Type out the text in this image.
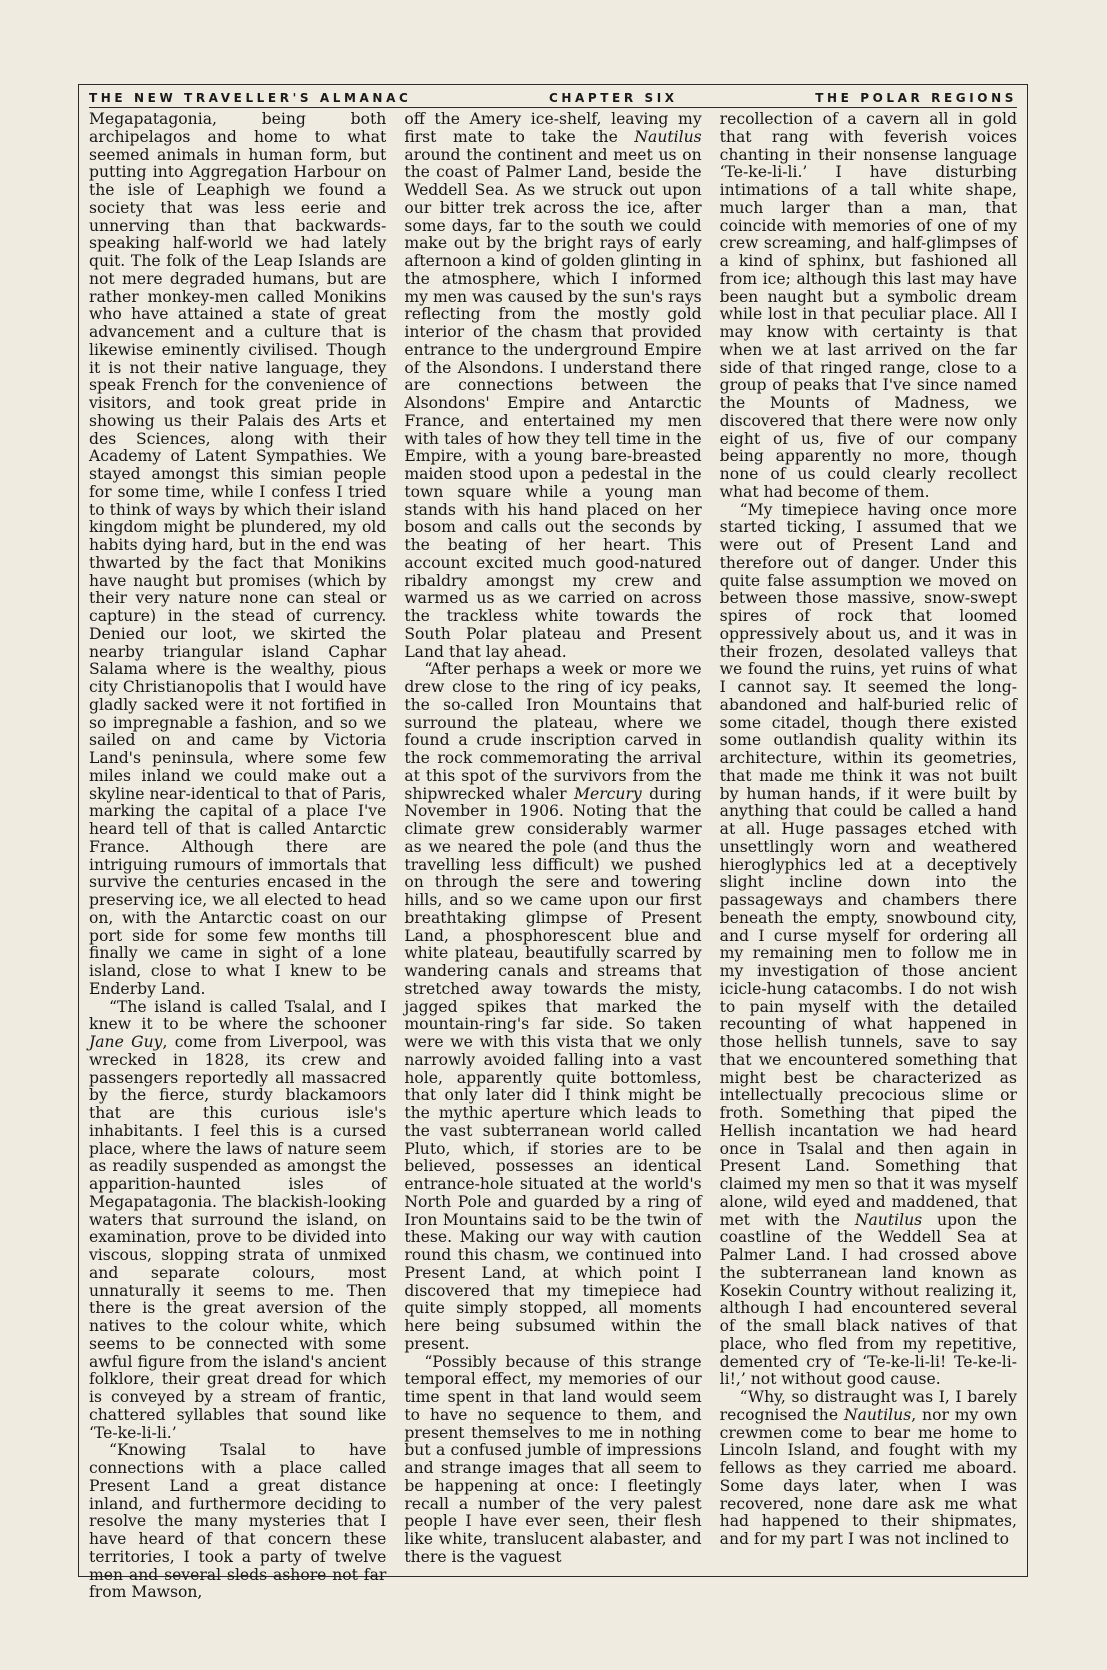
THE NEW TRAVELLER'S ALMANAC	CHAPTER SIX	THE POLAR REGIONS

Megapatagonia, being both archipelagos and home to what seemed animals in human form, but putting into Aggregation Harbour on the isle of Leaphigh we found a society that was less eerie and unnerving than that backwards-speaking half-world we had lately quit. The folk of the Leap Islands are not mere degraded humans, but are rather monkey-men called Monikins who have attained a state of great advancement and a culture that is likewise eminently civilised. Though it is not their native language, they speak French for the convenience of visitors, and took great pride in showing us their Palais des Arts et des Sciences, along with their Academy of Latent Sympathies. We stayed amongst this simian people for some time, while I confess I tried to think of ways by which their island kingdom might be plundered, my old habits dying hard, but in the end was thwarted by the fact that Monikins have naught but promises (which by their very nature none can steal or capture) in the stead of currency. Denied our loot, we skirted the nearby triangular island Caphar Salama where is the wealthy, pious city Christianopolis that I would have gladly sacked were it not fortified in so impregnable a fashion, and so we sailed on and came by Victoria Land's peninsula, where some few miles inland we could make out a skyline near-identical to that of Paris, marking the capital of a place I've heard tell of that is called Antarctic France. Although there are intriguing rumours of immortals that survive the centuries encased in the preserving ice, we all elected to head on, with the Antarctic coast on our port side for some few months till finally we came in sight of a lone island, close to what I knew to be Enderby Land.

“The island is called Tsalal, and I knew it to be where the schooner Jane Guy, come from Liverpool, was wrecked in 1828, its crew and passengers reportedly all massacred by the fierce, sturdy blackamoors that are this curious isle's inhabitants. I feel this is a cursed place, where the laws of nature seem as readily suspended as amongst the apparition-haunted isles of Megapatagonia. The blackish-looking waters that surround the island, on examination, prove to be divided into viscous, slopping strata of unmixed and separate colours, most unnaturally it seems to me. Then there is the great aversion of the natives to the colour white, which seems to be connected with some awful figure from the island's ancient folklore, their great dread for which is conveyed by a stream of frantic, chattered syllables that sound like ‘Te-ke-li-li.’

“Knowing Tsalal to have connections with a place called Present Land a great distance inland, and furthermore deciding to resolve the many mysteries that I have heard of that concern these territories, I took a party of twelve men and several sleds ashore not far from Mawson,

off the Amery ice-shelf, leaving my first mate to take the Nautilus around the continent and meet us on the coast of Palmer Land, beside the Weddell Sea. As we struck out upon our bitter trek across the ice, after some days, far to the south we could make out by the bright rays of early afternoon a kind of golden glinting in the atmosphere, which I informed my men was caused by the sun's rays reflecting from the mostly gold interior of the chasm that provided entrance to the underground Empire of the Alsondons. I understand there are connections between the Alsondons' Empire and Antarctic France, and entertained my men with tales of how they tell time in the Empire, with a young bare-breasted maiden stood upon a pedestal in the town square while a young man stands with his hand placed on her bosom and calls out the seconds by the beating of her heart. This account excited much good-natured ribaldry amongst my crew and warmed us as we carried on across the trackless white towards the South Polar plateau and Present Land that lay ahead.

“After perhaps a week or more we drew close to the ring of icy peaks, the so-called Iron Mountains that surround the plateau, where we found a crude inscription carved in the rock commemorating the arrival at this spot of the survivors from the shipwrecked whaler Mercury during November in 1906. Noting that the climate grew considerably warmer as we neared the pole (and thus the travelling less difficult) we pushed on through the sere and towering hills, and so we came upon our first breathtaking glimpse of Present Land, a phosphorescent blue and white plateau, beautifully scarred by wandering canals and streams that stretched away towards the misty, jagged spikes that marked the mountain-ring's far side. So taken were we with this vista that we only narrowly avoided falling into a vast hole, apparently quite bottomless, that only later did I think might be the mythic aperture which leads to the vast subterranean world called Pluto, which, if stories are to be believed, possesses an identical entrance-hole situated at the world's North Pole and guarded by a ring of Iron Mountains said to be the twin of these. Making our way with caution round this chasm, we continued into Present Land, at which point I discovered that my timepiece had quite simply stopped, all moments here being subsumed within the present.

“Possibly because of this strange temporal effect, my memories of our time spent in that land would seem to have no sequence to them, and present themselves to me in nothing but a confused jumble of impressions and strange images that all seem to be happening at once: I fleetingly recall a number of the very palest people I have ever seen, their flesh like white, translucent alabaster, and there is the vaguest

recollection of a cavern all in gold that rang with feverish voices chanting in their nonsense language ‘Te-ke-li-li.’ I have disturbing intimations of a tall white shape, much larger than a man, that coincide with memories of one of my crew screaming, and half-glimpses of a kind of sphinx, but fashioned all from ice; although this last may have been naught but a symbolic dream while lost in that peculiar place. All I may know with certainty is that when we at last arrived on the far side of that ringed range, close to a group of peaks that I've since named the Mounts of Madness, we discovered that there were now only eight of us, five of our company being apparently no more, though none of us could clearly recollect what had become of them.

“My timepiece having once more started ticking, I assumed that we were out of Present Land and therefore out of danger. Under this quite false assumption we moved on between those massive, snow-swept spires of rock that loomed oppressively about us, and it was in their frozen, desolated valleys that we found the ruins, yet ruins of what I cannot say. It seemed the long-abandoned and half-buried relic of some citadel, though there existed some outlandish quality within its architecture, within its geometries, that made me think it was not built by human hands, if it were built by anything that could be called a hand at all. Huge passages etched with unsettlingly worn and weathered hieroglyphics led at a deceptively slight incline down into the passageways and chambers there beneath the empty, snowbound city, and I curse myself for ordering all my remaining men to follow me in my investigation of those ancient icicle-hung catacombs. I do not wish to pain myself with the detailed recounting of what happened in those hellish tunnels, save to say that we encountered something that might best be characterized as intellectually precocious slime or froth. Something that piped the Hellish incantation we had heard once in Tsalal and then again in Present Land. Something that claimed my men so that it was myself alone, wild eyed and maddened, that met with the Nautilus upon the coastline of the Weddell Sea at Palmer Land. I had crossed above the subterranean land known as Kosekin Country without realizing it, although I had encountered several of the small black natives of that place, who fled from my repetitive, demented cry of ‘Te-ke-li-li! Te-ke-li-li!,’ not without good cause.

“Why, so distraught was I, I barely recognised the Nautilus, nor my own crewmen come to bear me home to Lincoln Island, and fought with my fellows as they carried me aboard. Some days later, when I was recovered, none dare ask me what had happened to their shipmates, and for my part I was not inclined to
